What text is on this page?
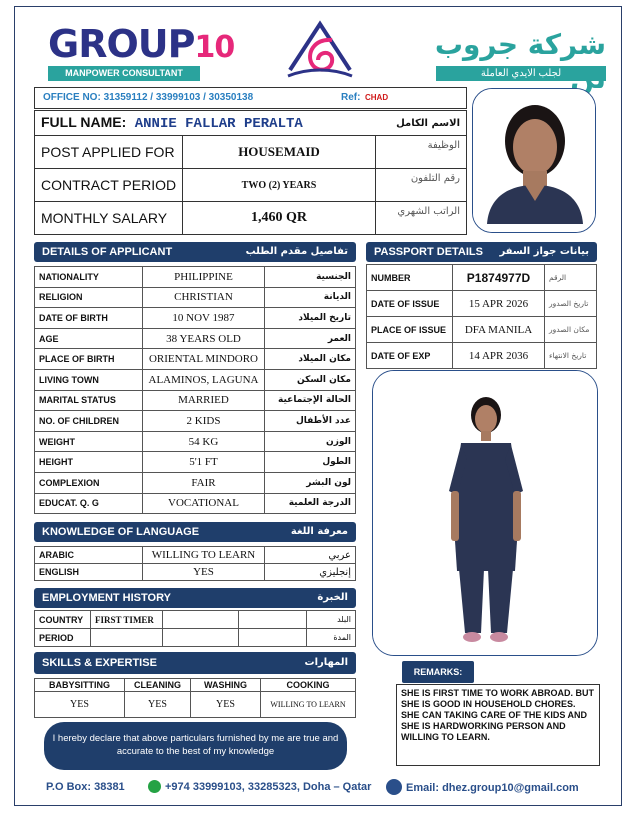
GROUP10
MANPOWER CONSULTANT
شركة جروب
لجلب الايدي العاملة
OFFICE NO: 31359112 / 33999103 / 30350138	Ref: CHAD
FULL NAME: ANNIE FALLAR PERALTA		الاسم الكامل
POST APPLIED FOR	HOUSEMAID	الوظيفة
CONTRACT PERIOD	TWO (2) YEARS	رقم التلفون
MONTHLY SALARY	1,460 QR	الراتب الشهري
DETAILS OF APPLICANT	تفاصيل مقدم الطلب
NATIONALITY	PHILIPPINE	الجنسية
RELIGION	CHRISTIAN	الديانة
DATE OF BIRTH	10 NOV 1987	تاريخ الميلاد
AGE	38 YEARS OLD	العمر
PLACE OF BIRTH	ORIENTAL MINDORO	مكان الميلاد
LIVING TOWN	ALAMINOS, LAGUNA	مكان السكن
MARITAL STATUS	MARRIED	الحالة الإجتماعية
NO. OF CHILDREN	2 KIDS	عدد الأطفال
WEIGHT	54 KG	الوزن
HEIGHT	5'1 FT	الطول
COMPLEXION	FAIR	لون البشر
EDUCAT. Q. G	VOCATIONAL	الدرجة العلمية
PASSPORT DETAILS بيانات جواز السفر
NUMBER	P1874977D	الرقم
DATE OF ISSUE	15 APR 2026	تاريخ الصدور
PLACE OF ISSUE	DFA MANILA	مكان الصدور
DATE OF EXP	14 APR 2036	تاريخ الانتهاء
KNOWLEDGE OF LANGUAGE	معرفة اللغة
ARABIC	WILLING TO LEARN	عربي
ENGLISH	YES	إنجليزي
EMPLOYMENT HISTORY	الخبرة
COUNTRY	FIRST TIMER			البلد
PERIOD				المدة
SKILLS & EXPERTISE	المهارات
BABYSITTING	CLEANING	WASHING	COOKING
YES	YES	YES	WILLING TO LEARN
REMARKS:
SHE IS FIRST TIME TO WORK ABROAD. BUT SHE IS GOOD IN HOUSEHOLD CHORES. SHE CAN TAKING CARE OF THE KIDS AND SHE IS HARDWORKING PERSON AND WILLING TO LEARN.
I hereby declare that above particulars furnished by me are true and accurate to the best of my knowledge
P.O Box: 38381	+974 33999103, 33285323, Doha – Qatar	Email: dhez.group10@gmail.com
